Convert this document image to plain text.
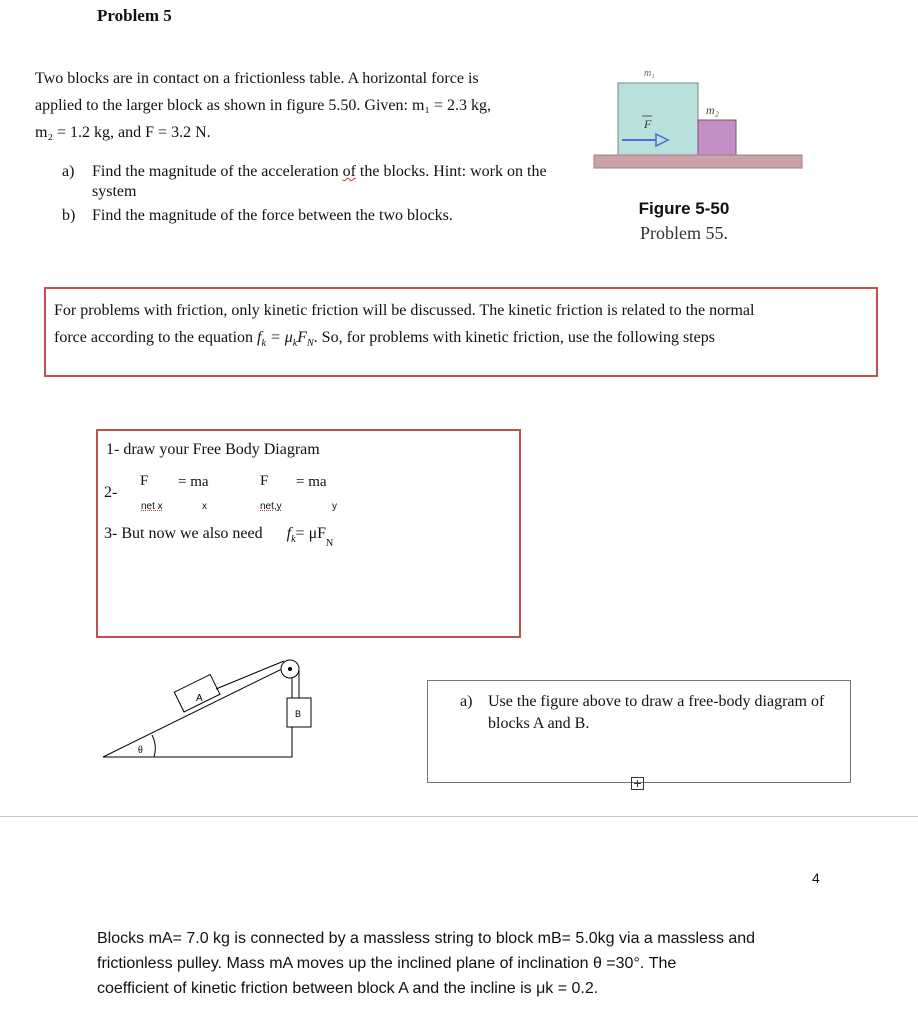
Problem 5
Two blocks are in contact on a frictionless table. A horizontal force is
applied to the larger block as shown in figure 5.50. Given: m₁ = 2.3 kg,
m₂ = 1.2 kg, and F = 3.2 N.
a)	Find the magnitude of the acceleration of the blocks. Hint: work on the system
b)	Find the magnitude of the force between the two blocks.
m₁
m₂
F
Figure 5-50
Problem 55.
For problems with friction, only kinetic friction will be discussed. The kinetic friction is related to the normal
force according to the equation $f_k = \mu_kF_N$. So, for problems with kinetic friction, use the following steps
1- draw your Free Body Diagram
F = ma	F = ma
2-
net x	x	net,y	y
3- But now we also need $f_k= \mu F_N$
A
B
θ
a) Use the figure above to draw a free-body diagram of blocks A and B.
4
Blocks mA= 7.0 kg is connected by a massless string to block mB= 5.0kg via a massless and
frictionless pulley. Mass mA moves up the inclined plane of inclination θ =30°. The
coefficient of kinetic friction between block A and the incline is μk = 0.2.
